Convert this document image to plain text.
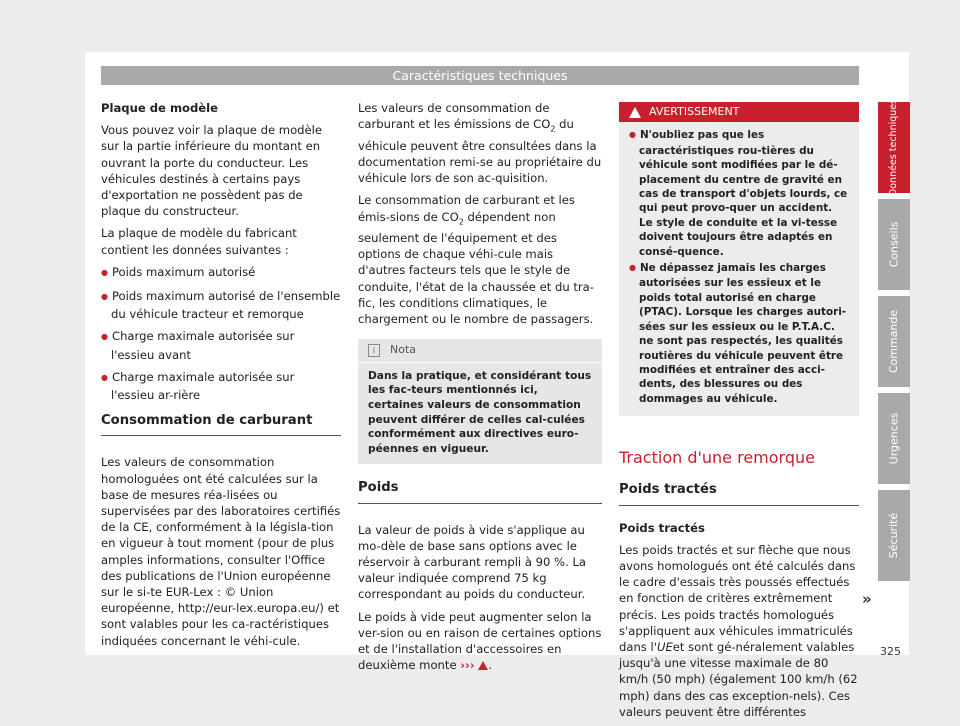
Caractéristiques techniques

Plaque de modèle

Vous pouvez voir la plaque de modèle sur la partie inférieure du montant en ouvrant la porte du conducteur. Les véhicules destinés à certains pays d'exportation ne possèdent pas de plaque du constructeur.

La plaque de modèle du fabricant contient les données suivantes :

● Poids maximum autorisé

● Poids maximum autorisé de l'ensemble du véhicule tracteur et remorque

● Charge maximale autorisée sur l'essieu avant

● Charge maximale autorisée sur l'essieu ar-rière

Consommation de carburant

Les valeurs de consommation homologuées ont été calculées sur la base de mesures réa-lisées ou supervisées par des laboratoires certifiés de la CE, conformément à la législa-tion en vigueur à tout moment (pour de plus amples informations, consulter l'Office des publications de l'Union européenne sur le si-te EUR-Lex : © Union européenne, http://eur-lex.europa.eu/) et sont valables pour les ca-ractéristiques indiquées concernant le véhi-cule.

Les valeurs de consommation de carburant et les émissions de $CO_2$ du véhicule peuvent être consultées dans la documentation remi-se au propriétaire du véhicule lors de son ac-quisition.

Le consommation de carburant et les émis-sions de $CO_2$ dépendent non seulement de l'équipement et des options de chaque véhi-cule mais d'autres facteurs tels que le style de conduite, l'état de la chaussée et du tra-fic, les conditions climatiques, le chargement ou le nombre de passagers.

i	Nota
Dans la pratique, et considérant tous les fac-teurs mentionnés ici, certaines valeurs de consommation peuvent différer de celles cal-culées conformément aux directives euro-péennes en vigueur.
Poids

La valeur de poids à vide s'applique au mo-dèle de base sans options avec le réservoir à carburant rempli à 90 %. La valeur indiquée comprend 75 kg correspondant au poids du conducteur.

Le poids à vide peut augmenter selon la ver-sion ou en raison de certaines options et de l'installation d'accessoires en deuxième monte ››› .

AVERTISSEMENT

● N'oubliez pas que les caractéristiques rou-tières du véhicule sont modifiées par le dé-placement du centre de gravité en cas de transport d'objets lourds, ce qui peut provo-quer un accident. Le style de conduite et la vi-tesse doivent toujours être adaptés en consé-quence.

● Ne dépassez jamais les charges autorisées sur les essieux et le poids total autorisé en charge (PTAC). Lorsque les charges autori-sées sur les essieux ou le P.T.A.C. ne sont pas respectés, les qualités routières du véhicule peuvent être modifiées et entraîner des acci-dents, des blessures ou des dommages au véhicule.

Traction d'une remorque
Poids tractés

Poids tractés

Les poids tractés et sur flèche que nous avons homologués ont été calculés dans le cadre d'essais très poussés effectués en fonction de critères extrêmement précis. Les poids tractés homologués s'appliquent aux véhicules immatriculés dans l'UEet sont gé-néralement valables jusqu'à une vitesse maximale de 80 km/h (50 mph) (également 100 km/h (62 mph) dans des cas exception-nels). Ces valeurs peuvent être différentes

Données techniques
Conseils
Commande
Urgences
Sécurité
»
325
